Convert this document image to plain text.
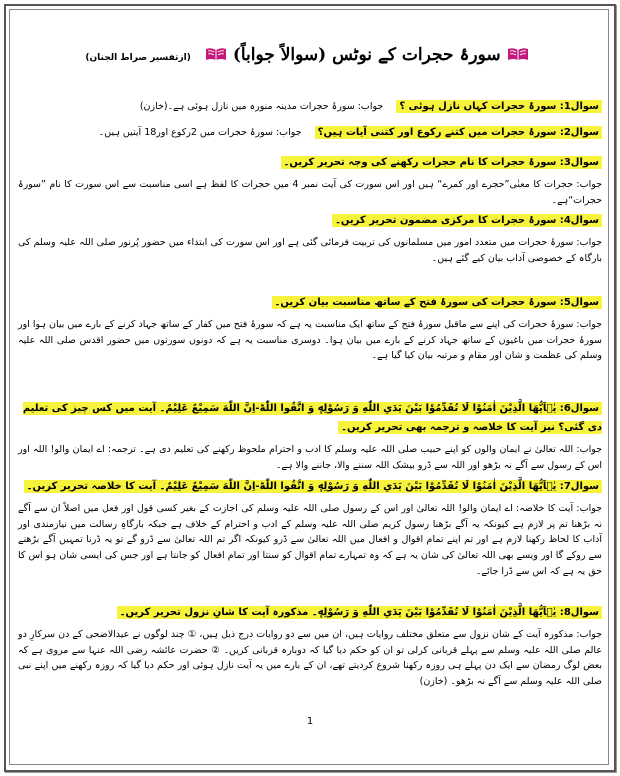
سورۂ حجرات کے نوٹس (سوالاً جواباً)(ازتفسیر صراط الجنان)
سوال1: سورۂ حجرات کہاں نازل ہوئی ؟ جواب: سورۂ حجرات مدینہ منورہ میں نازل ہوئی ہے۔(خازن)
سوال2: سورۂ حجرات میں کتنے رکوع اور کتنی آیات ہیں؟ جواب: سورۂ حجرات میں 2رکوع اور18 آیتیں ہیں۔
سوال3: سورۂ حجرات کا نام حجرات رکھنے کی وجہ تحریر کریں۔
جواب: حجرات کا معنٰی”حجرے اور کمرے“ ہیں اور اس سورت کی آیت نمبر 4 میں حجرات کا لفظ ہے اسی مناسبت سے اس سورت کا نام ”سورۂ حجرات“ہے۔
سوال4: سورۂ حجرات کا مرکزی مضمون تحریر کریں۔
جواب: سورۂ حجرات میں متعدد امور میں مسلمانوں کی تربیت فرمائی گئی ہے اور اس سورت کی ابتداء میں حضور پُرنور صلی اللہ علیہ وسلم کی بارگاہ کے خصوصی آداب بیان کیے گئے ہیں۔
سوال5: سورۂ حجرات کی سورۂ فتح کے ساتھ مناسبت بیان کریں۔
جواب: سورۂ حجرات کی اپنے سے ماقبل سورۂ فتح کے ساتھ ایک مناسبت یہ ہے کہ سورۂ فتح میں کفار کے ساتھ جہاد کرنے کے بارے میں بیان ہوا اور سورۂ حجرات میں باغیوں کے ساتھ جہاد کرنے کے بارے میں بیان ہوا۔ دوسری مناسبت یہ ہے کہ دونوں سورتوں میں حضور اقدس صلی اللہ علیہ وسلم کی عظمت و شان اور مقام و مرتبہ بیان کیا گیا ہے۔
سوال6: یٰۤاَیُّهَا الَّذِیْنَ اٰمَنُوْا لَا تُقَدِّمُوْا بَیْنَ یَدَیِ اللّٰهِ وَ رَسُوْلِهٖ وَ اتَّقُوا اللّٰهَؕ-اِنَّ اللّٰهَ سَمِیْعٌ عَلِیْمٌ۔ آیت میں کس چیز کی تعلیم دی گئی؟ نیز آیت کا خلاصہ و ترجمہ بھی تحریر کریں۔
جواب: اللہ تعالیٰ نے ایمان والوں کو اپنے حبیب صلی اللہ علیہ وسلم کا ادب و احترام ملحوظ رکھنے کی تعلیم دی ہے۔ ترجمہ: اے ایمان والو! اللہ اور اس کے رسول سے آگے نہ بڑھو اور اللہ سے ڈرو بیشک اللہ سننے والا، جاننے والا ہے۔
سوال7: یٰۤاَیُّهَا الَّذِیْنَ اٰمَنُوْا لَا تُقَدِّمُوْا بَیْنَ یَدَیِ اللّٰهِ وَ رَسُوْلِهٖ وَ اتَّقُوا اللّٰهَؕ-اِنَّ اللّٰهَ سَمِیْعٌ عَلِیْمٌ۔ آیت کا خلاصہ تحریر کریں۔
جواب: آیت کا خلاصہ: اے ایمان والو! اللہ تعالیٰ اور اس کے رسول صلی اللہ علیہ وسلم کی اجازت کے بغیر کسی قول اور فعل میں اصلاً ان سے آگے نہ بڑھنا تم پر لازم ہے کیونکہ یہ آگے بڑھنا رسول کریم صلی اللہ علیہ وسلم کے ادب و احترام کے خلاف ہے جبکہ بارگاہِ رسالت میں نیازمندی اور آداب کا لحاظ رکھنا لازم ہے اور تم اپنے تمام اقوال و افعال میں اللہ تعالیٰ سے ڈرو کیونکہ اگر تم اللہ تعالیٰ سے ڈرو گے تو یہ ڈرنا تمہیں آگے بڑھنے سے روکے گا اور ویسے بھی اللہ تعالیٰ کی شان یہ ہے کہ وہ تمہارے تمام اقوال کو سنتا اور تمام افعال کو جانتا ہے اور جس کی ایسی شان ہو اس کا حق یہ ہے کہ اس سے ڈرا جائے۔
سوال8: یٰۤاَیُّهَا الَّذِیْنَ اٰمَنُوْا لَا تُقَدِّمُوْا بَیْنَ یَدَیِ اللّٰهِ وَ رَسُوْلِهٖ۔ مذکورہ آیت کا شانِ نزول تحریر کریں۔
جواب: مذکورہ آیت کے شان نزول سے متعلق مختلف روایات ہیں، ان میں سے دو روایات درج ذیل ہیں، ① چند لوگوں نے عیدالاضحی کے دن سرکارِ دو عالم صلی اللہ علیہ وسلم سے پہلے قربانی کرلی تو ان کو حکم دیا گیا کہ دوبارہ قربانی کریں۔ ② حضرت عائشہ رضی اللہ عنہا سے مروی ہے کہ بعض لوگ رمضان سے ایک دن پہلے ہی روزہ رکھنا شروع کردیتے تھے، ان کے بارے میں یہ آیت نازل ہوئی اور حکم دیا گیا کہ روزہ رکھنے میں اپنے نبی صلی اللہ علیہ وسلم سے آگے نہ بڑھو۔ (خازن)
1
